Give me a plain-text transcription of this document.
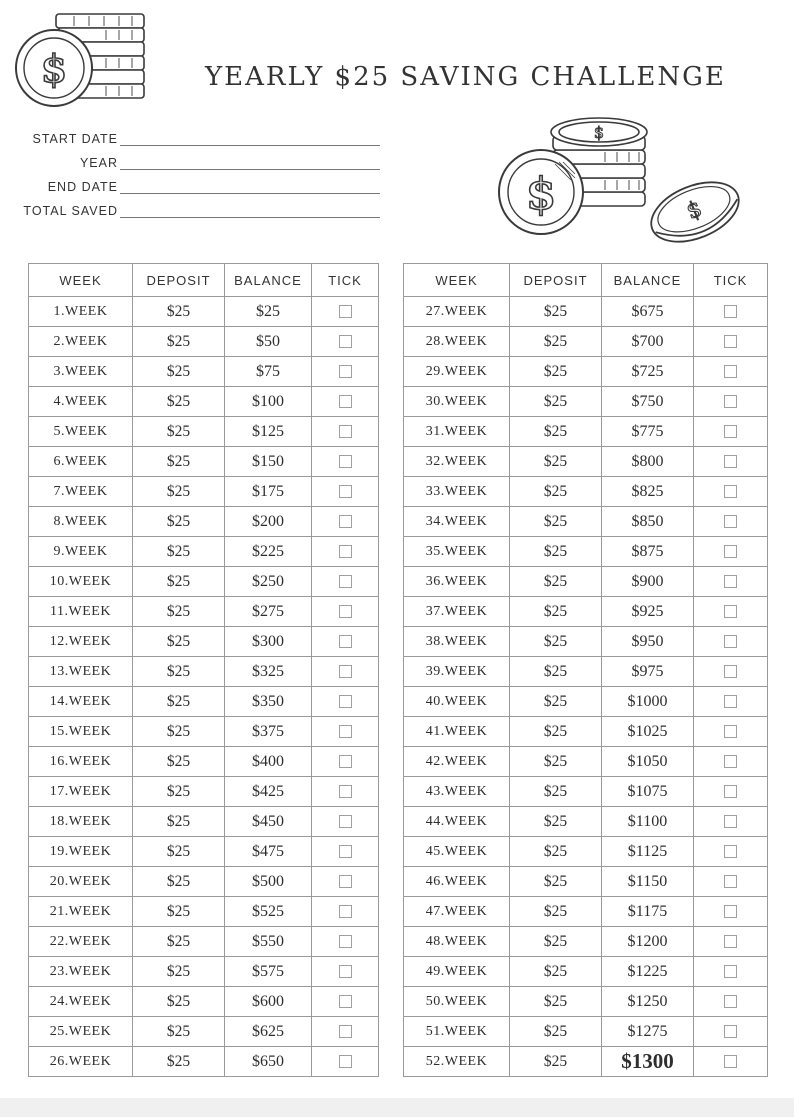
$	YEARLY $25 SAVING CHALLENGE
$
$	$
START DATE
YEAR
END DATE
TOTAL SAVED
WEEK	DEPOSIT	BALANCE	TICK
1.WEEK	$25	$25	
2.WEEK	$25	$50	
3.WEEK	$25	$75	
4.WEEK	$25	$100	
5.WEEK	$25	$125	
6.WEEK	$25	$150	
7.WEEK	$25	$175	
8.WEEK	$25	$200	
9.WEEK	$25	$225	
10.WEEK	$25	$250	
11.WEEK	$25	$275	
12.WEEK	$25	$300	
13.WEEK	$25	$325	
14.WEEK	$25	$350	
15.WEEK	$25	$375	
16.WEEK	$25	$400	
17.WEEK	$25	$425	
18.WEEK	$25	$450	
19.WEEK	$25	$475	
20.WEEK	$25	$500	
21.WEEK	$25	$525	
22.WEEK	$25	$550	
23.WEEK	$25	$575	
24.WEEK	$25	$600	
25.WEEK	$25	$625	
26.WEEK	$25	$650	
WEEK	DEPOSIT	BALANCE	TICK
27.WEEK	$25	$675	
28.WEEK	$25	$700	
29.WEEK	$25	$725	
30.WEEK	$25	$750	
31.WEEK	$25	$775	
32.WEEK	$25	$800	
33.WEEK	$25	$825	
34.WEEK	$25	$850	
35.WEEK	$25	$875	
36.WEEK	$25	$900	
37.WEEK	$25	$925	
38.WEEK	$25	$950	
39.WEEK	$25	$975	
40.WEEK	$25	$1000	
41.WEEK	$25	$1025	
42.WEEK	$25	$1050	
43.WEEK	$25	$1075	
44.WEEK	$25	$1100	
45.WEEK	$25	$1125	
46.WEEK	$25	$1150	
47.WEEK	$25	$1175	
48.WEEK	$25	$1200	
49.WEEK	$25	$1225	
50.WEEK	$25	$1250	
51.WEEK	$25	$1275	
52.WEEK	$25	$1300	
